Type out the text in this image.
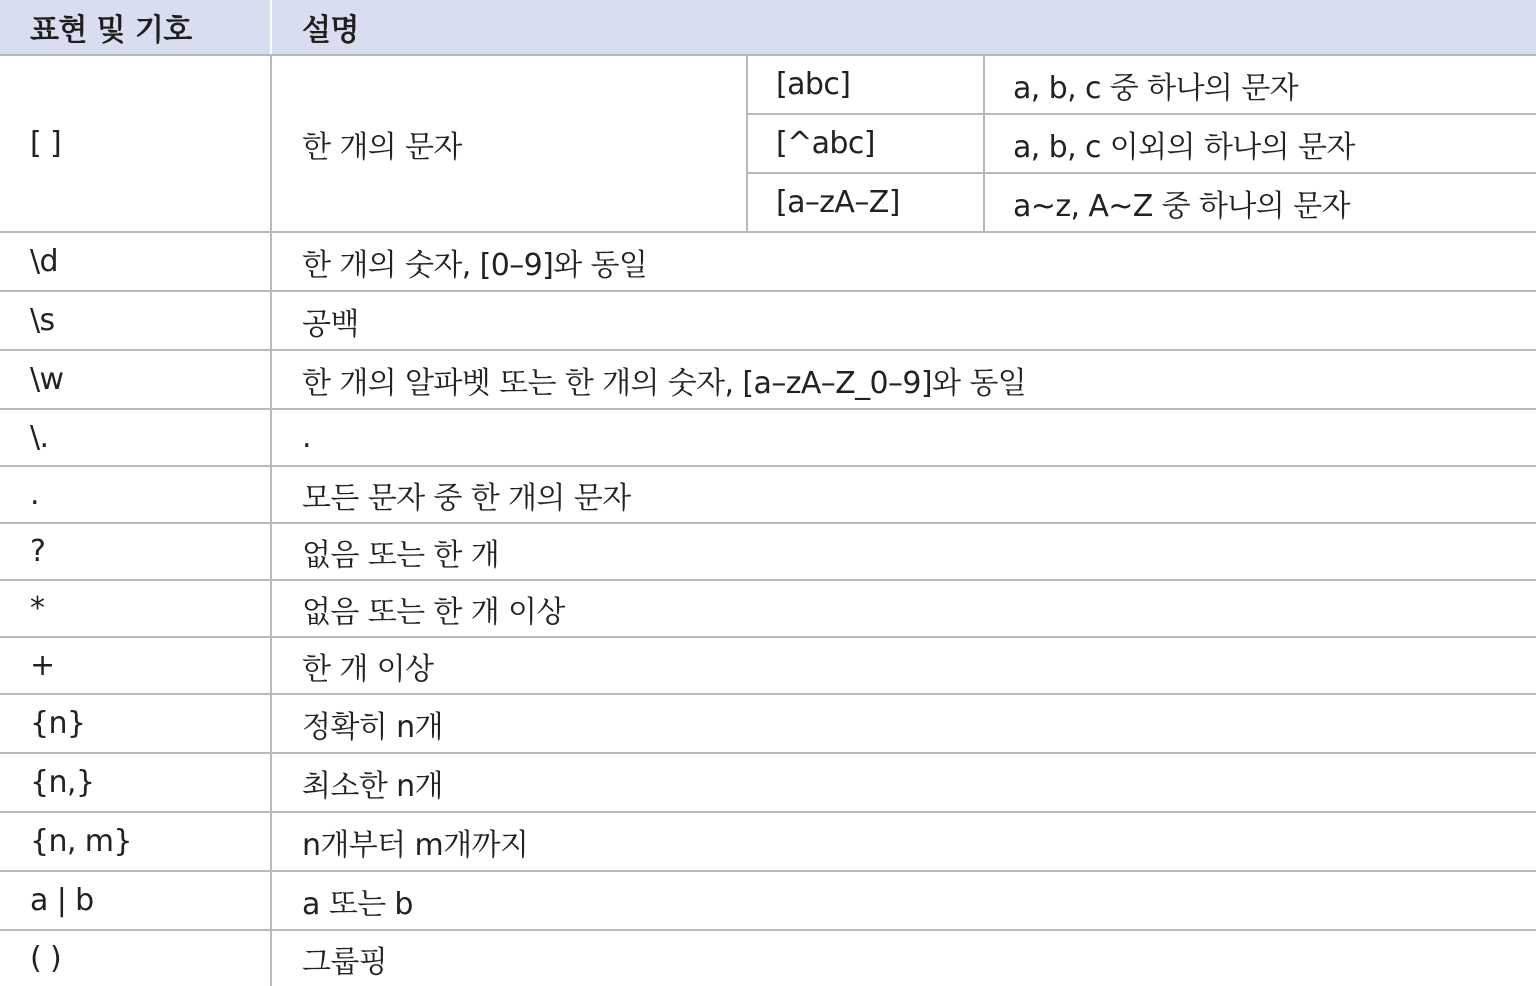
표현 및 기호	설명
[ ]	한 개의 문자
[abc]	a, b, c 중 하나의 문자
[^abc]	a, b, c 이외의 하나의 문자
[a–zA–Z]	a~z, A~Z 중 하나의 문자
\d	한 개의 숫자, [0–9]와 동일
\s	공백
\w	한 개의 알파벳 또는 한 개의 숫자, [a–zA–Z_0–9]와 동일
\.	.
.	모든 문자 중 한 개의 문자
?	없음 또는 한 개
*	없음 또는 한 개 이상
+	한 개 이상
{n}	정확히 n개
{n,}	최소한 n개
{n, m}	n개부터 m개까지
a | b	a 또는 b
( )	그룹핑
